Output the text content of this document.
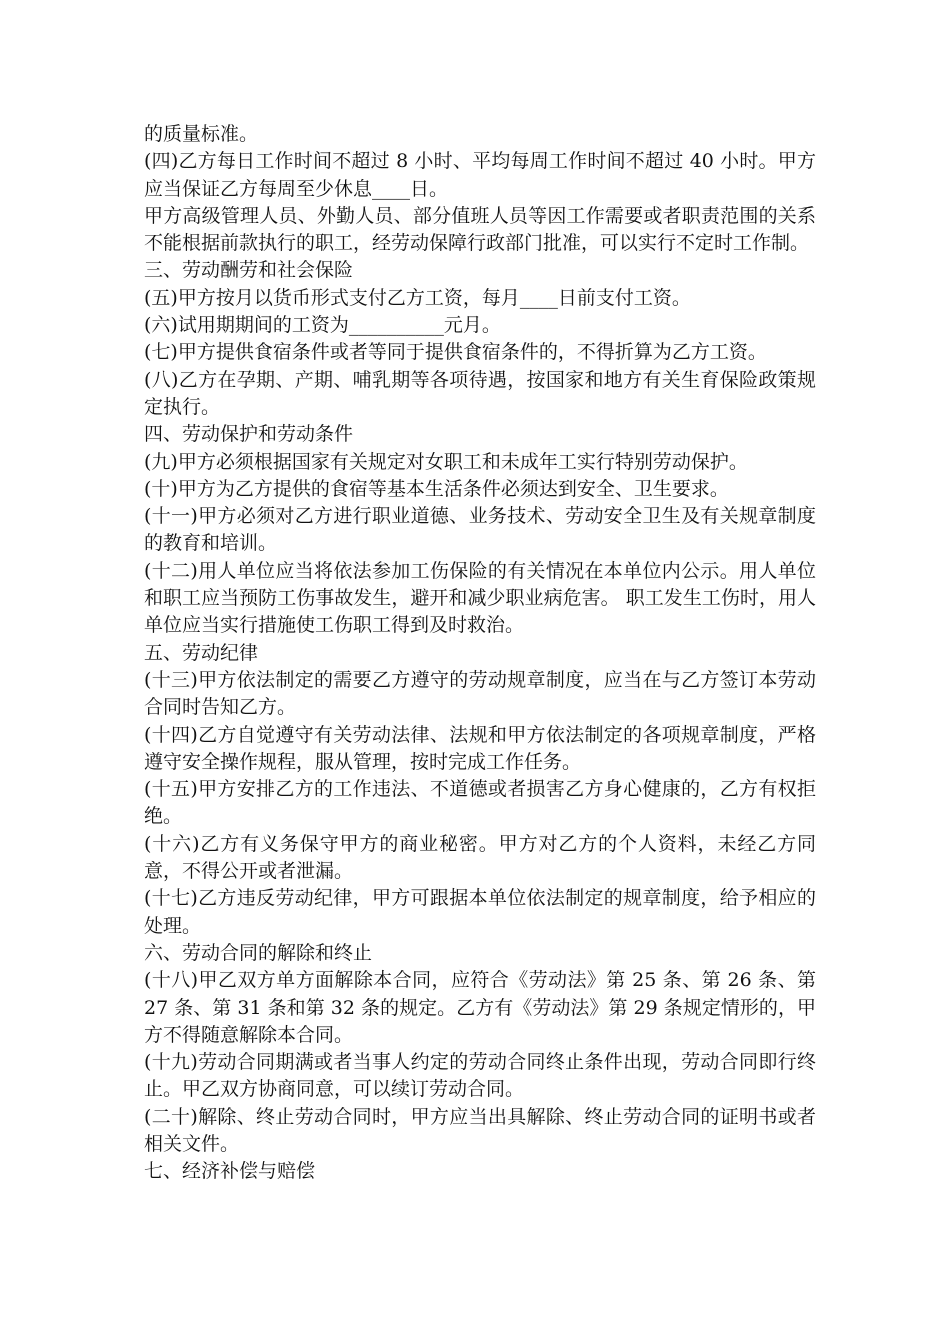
的质量标准。

(四)乙方每日工作时间不超过 8 小时、平均每周工作时间不超过 40 小时。甲方应当保证乙方每周至少休息____日。

甲方高级管理人员、外勤人员、部分值班人员等因工作需要或者职责范围的关系不能根据前款执行的职工，经劳动保障行政部门批准，可以实行不定时工作制。

三、劳动酬劳和社会保险

(五)甲方按月以货币形式支付乙方工资，每月____日前支付工资。

(六)试用期期间的工资为__________元月。

(七)甲方提供食宿条件或者等同于提供食宿条件的，不得折算为乙方工资。

(八)乙方在孕期、产期、哺乳期等各项待遇，按国家和地方有关生育保险政策规定执行。

四、劳动保护和劳动条件

(九)甲方必须根据国家有关规定对女职工和未成年工实行特别劳动保护。

(十)甲方为乙方提供的食宿等基本生活条件必须达到安全、卫生要求。

(十一)甲方必须对乙方进行职业道德、业务技术、劳动安全卫生及有关规章制度的教育和培训。

(十二)用人单位应当将依法参加工伤保险的有关情况在本单位内公示。用人单位和职工应当预防工伤事故发生，避开和减少职业病危害。 职工发生工伤时，用人单位应当实行措施使工伤职工得到及时救治。

五、劳动纪律

(十三)甲方依法制定的需要乙方遵守的劳动规章制度，应当在与乙方签订本劳动合同时告知乙方。

(十四)乙方自觉遵守有关劳动法律、法规和甲方依法制定的各项规章制度，严格遵守安全操作规程，服从管理，按时完成工作任务。

(十五)甲方安排乙方的工作违法、不道德或者损害乙方身心健康的，乙方有权拒绝。

(十六)乙方有义务保守甲方的商业秘密。甲方对乙方的个人资料，未经乙方同意，不得公开或者泄漏。

(十七)乙方违反劳动纪律，甲方可跟据本单位依法制定的规章制度，给予相应的处理。

六、劳动合同的解除和终止

(十八)甲乙双方单方面解除本合同，应符合《劳动法》第 25 条、第 26 条、第 27 条、第 31 条和第 32 条的规定。乙方有《劳动法》第 29 条规定情形的，甲方不得随意解除本合同。

(十九)劳动合同期满或者当事人约定的劳动合同终止条件出现，劳动合同即行终止。甲乙双方协商同意，可以续订劳动合同。

(二十)解除、终止劳动合同时，甲方应当出具解除、终止劳动合同的证明书或者相关文件。

七、经济补偿与赔偿
